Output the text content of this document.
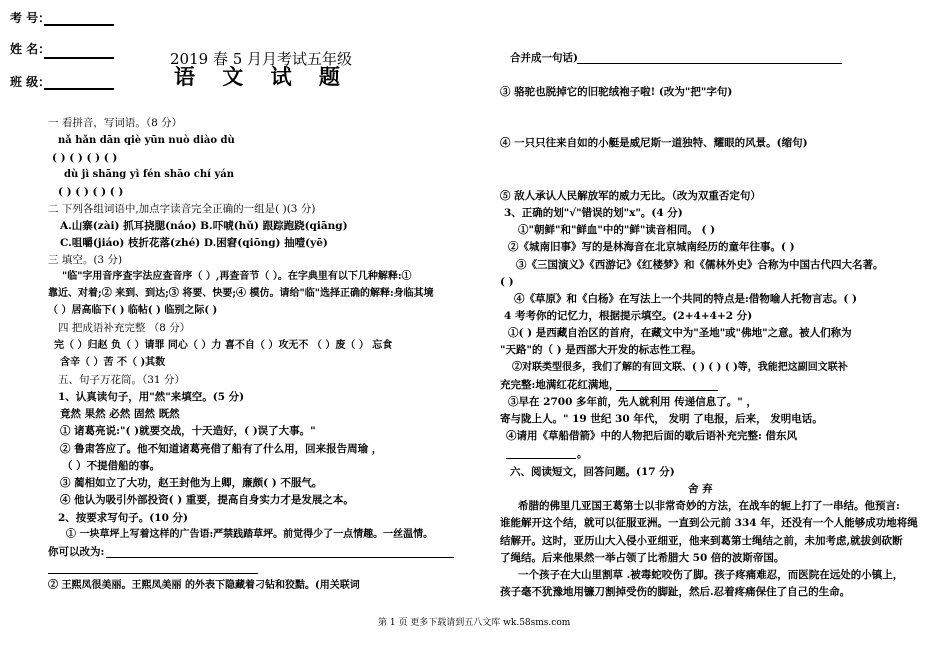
考 号：
姓 名：
班 级：
2019 春 5 月月考试五年级
语 文 试 题
一 看拼音，写词语。（8 分）
nǎ hǎn dān qiè yūn nuò diào dù
( ) ( ) ( ) ( )
dù jì shāng yì fén shāo chí yán
( ) ( ) ( ) ( )
二 下列各组词语中,加点字读音完全正确的一组是( )(3 分)
A.山寨(zài) 抓耳挠腮(náo) B.吓唬(hǔ) 跟踪跑跷(qiāng)
C.咀嚼(jiáo) 枝折花落(zhé) D.困窘(qiōng) 抽噎(yē)
三 填空。(3 分)
"临"字用音序查字法应查音序（ ）,再查音节（ ）。在字典里有以下几种解释:①
靠近、对着;② 来到、到达;③ 将要、快要;④ 模仿。请给"临"选择正确的解释:身临其境
（ ）居高临下( ) 临帖( ) 临别之际( )
四 把成语补充完整 （8 分）
完（ ）归赵 负（ ）请罪 同心（ ）力 喜不自（ ）攻无不 （ ）废（ ） 忘食
含辛（ ）苦 不（ )其数
五、句子万花筒。（31 分）
1、认真读句子，用"然"来填空。(5 分)
竟然 果然 必然 固然 既然
① 诸葛亮说:"( )就要交战，十天造好，( )误了大事。"
② 鲁肃答应了。他不知道诸葛亮借了船有了什么用，回来报告周瑜 ，
（ ）不提借船的事。
③ 蔺相如立了大功，赵王封他为上卿，廉颇( ) 不服气。
④ 他认为吸引外部投资( ) 重要，提高自身实力才是发展之本。
2、按要求写句子。(10 分)
① 一块草坪上写着这样的广告语:严禁践踏草坪。前觉得少了一点情趣。一丝温情。
你可以改为:
② 王熙凤很美丽。王熙凤美丽 的外表下隐藏着刁钻和狡黠。(用关联词
合并成一句话)
③ 骆驼也脱掉它的旧驼绒袍子啦! (改为"把"字句)
④ 一只只往来自如的小艇是威尼斯一道独特、耀眼的风景。(缩句)
⑤ 敌人承认人民解放军的威力无比。（改为双重否定句）
3、正确的划"√"错误的划"x"。(4 分)
①"朝鲜"和"鲜血"中的"鲜"读音相同。 ( )
②《城南旧事》写的是林海音在北京城南经历的童年往事。( )
③《三国演义》《西游记》《红楼梦》和《儒林外史》合称为中国古代四大名著。
( )
④《草原》和《白杨》在写法上一个共同的特点是:借物喻人托物言志。( )
4 考考你的记忆力，根据提示填空。(2+4+4+2 分)
①( ) 是西藏自治区的首府，在藏文中为"圣地"或"佛地"之意。被人们称为
"天路"的（ ) 是西部大开发的标志性工程。
②对联类型很多，我们了解的有回文联、( ) ( ) ( )等，我能把这副回文联补
充完整:地满红花红满地，
③早在 2700 多年前，先人就利用 传递信息了。" ，
寄与陇上人。" 19 世纪 30 年代， 发明 了电报，后来， 发明电话。
④请用《草船借箭》中的人物把后面的歇后语补充完整: 借东风
。
六、阅读短文，回答问题。(17 分)
舍 弃
希腊的佛里几亚国王葛第士以非常奇妙的方法，在战车的轭上打了一串结。他预言:
谁能解开这个结，就可以征服亚洲。一直到公元前 334 年，还没有一个人能够成功地将绳
结解开。这时，亚历山大入侵小亚细亚，他来到葛第士绳结之前，未加考虑,就拔剑砍断
了绳结。后来他果然一举占领了比希腊大 50 倍的波斯帝国。
一个孩子在大山里割草 .被毒蛇咬伤了脚。孩子疼痛难忍，而医院在远处的小镇上，
孩子毫不犹豫地用镰刀割掉受伤的脚趾，然后.忍着疼痛保住了自己的生命。
第 1 页 更多下载请到五八文库 wk.58sms.com
